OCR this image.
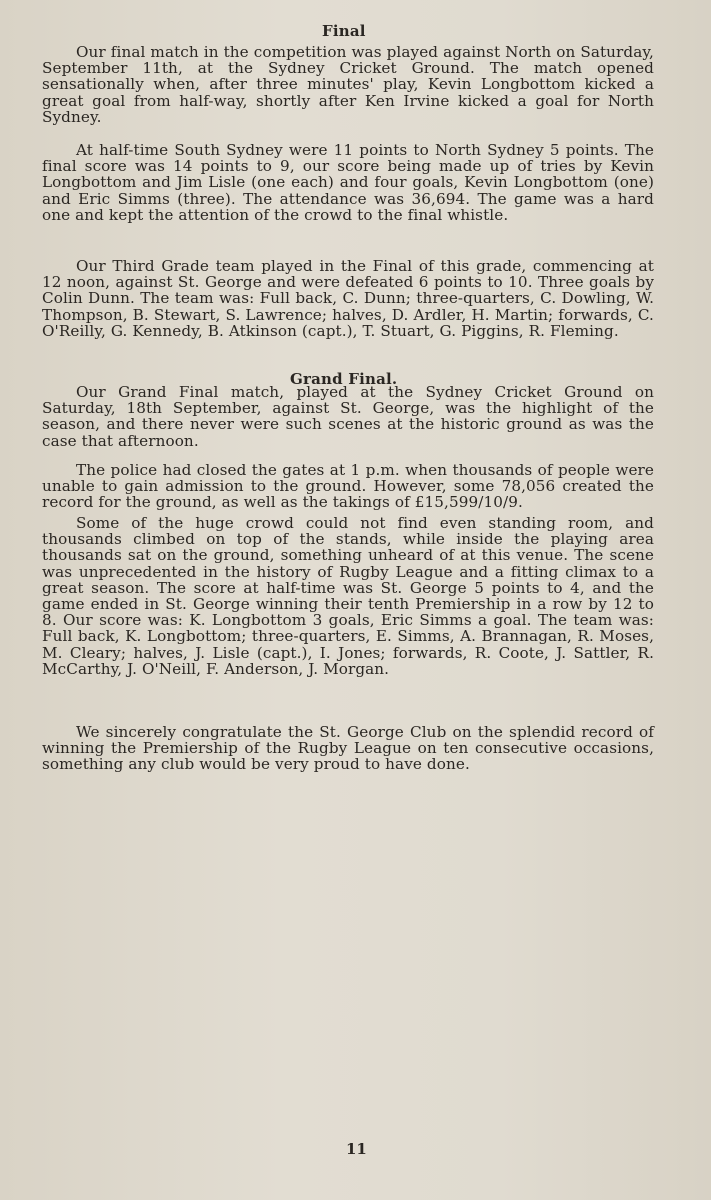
Final

Our final match in the competition was played against North on Saturday, September 11th, at the Sydney Cricket Ground. The match opened sensationally when, after three minutes' play, Kevin Longbottom kicked a great goal from half-way, shortly after Ken Irvine kicked a goal for North Sydney.

At half-time South Sydney were 11 points to North Sydney 5 points. The final score was 14 points to 9, our score being made up of tries by Kevin Longbottom and Jim Lisle (one each) and four goals, Kevin Longbottom (one) and Eric Simms (three). The attendance was 36,694. The game was a hard one and kept the attention of the crowd to the final whistle.

Our Third Grade team played in the Final of this grade, commencing at 12 noon, against St. George and were defeated 6 points to 10. Three goals by Colin Dunn. The team was: Full back, C. Dunn; three-quarters, C. Dowling, W. Thompson, B. Stewart, S. Lawrence; halves, D. Ardler, H. Martin; forwards, C. O'Reilly, G. Kennedy, B. Atkinson (capt.), T. Stuart, G. Piggins, R. Fleming.

Grand Final.

Our Grand Final match, played at the Sydney Cricket Ground on Saturday, 18th September, against St. George, was the highlight of the season, and there never were such scenes at the historic ground as was the case that afternoon.

The police had closed the gates at 1 p.m. when thousands of people were unable to gain admission to the ground. However, some 78,056 created the record for the ground, as well as the takings of £15,599/10/9.

Some of the huge crowd could not find even standing room, and thousands climbed on top of the stands, while inside the playing area thousands sat on the ground, something unheard of at this venue. The scene was unprecedented in the history of Rugby League and a fitting climax to a great season. The score at half-time was St. George 5 points to 4, and the game ended in St. George winning their tenth Premiership in a row by 12 to 8. Our score was: K. Longbottom 3 goals, Eric Simms a goal. The team was: Full back, K. Longbottom; three-quarters, E. Simms, A. Brannagan, R. Moses, M. Cleary; halves, J. Lisle (capt.), I. Jones; forwards, R. Coote, J. Sattler, R. McCarthy, J. O'Neill, F. Anderson, J. Morgan.

We sincerely congratulate the St. George Club on the splendid record of winning the Premiership of the Rugby League on ten consecutive occasions, something any club would be very proud to have done.

11
